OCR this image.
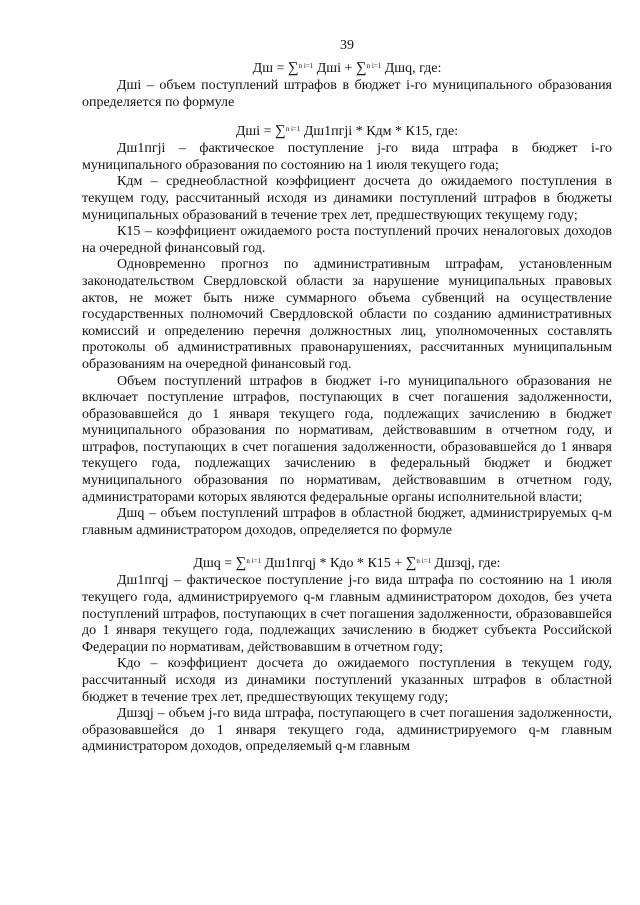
39
Дш = ∑$^{n i=1}$ Дшi + ∑$^{n i=1}$ Дшq, где:

Дшi – объем поступлений штрафов в бюджет i-го муниципального образования определяется по формуле

Дшi = ∑$^{n i=1}$ Дш1пгji * Кдм * К15, где:

Дш1пгji – фактическое поступление j-го вида штрафа в бюджет i-го муниципального образования по состоянию на 1 июля текущего года;

Кдм – среднеобластной коэффициент досчета до ожидаемого поступления в текущем году, рассчитанный исходя из динамики поступлений штрафов в бюджеты муниципальных образований в течение трех лет, предшествующих текущему году;

К15 – коэффициент ожидаемого роста поступлений прочих неналоговых доходов на очередной финансовый год.

Одновременно прогноз по административным штрафам, установленным законодательством Свердловской области за нарушение муниципальных правовых актов, не может быть ниже суммарного объема субвенций на осуществление государственных полномочий Свердловской области по созданию административных комиссий и определению перечня должностных лиц, уполномоченных составлять протоколы об административных правонарушениях, рассчитанных муниципальным образованиям на очередной финансовый год.

Объем поступлений штрафов в бюджет i-го муниципального образования не включает поступление штрафов, поступающих в счет погашения задолженности, образовавшейся до 1 января текущего года, подлежащих зачислению в бюджет муниципального образования по нормативам, действовавшим в отчетном году, и штрафов, поступающих в счет погашения задолженности, образовавшейся до 1 января текущего года, подлежащих зачислению в федеральный бюджет и бюджет муниципального образования по нормативам, действовавшим в отчетном году, администраторами которых являются федеральные органы исполнительной власти;

Дшq – объем поступлений штрафов в областной бюджет, администрируемых q-м главным администратором доходов, определяется по формуле

Дшq = ∑$^{n i=1}$ Дш1пгqj * Кдо * К15 + ∑$^{n i=1}$ Дшзqj, где:

Дш1пгqj – фактическое поступление j-го вида штрафа по состоянию на 1 июля текущего года, администрируемого q-м главным администратором доходов, без учета поступлений штрафов, поступающих в счет погашения задолженности, образовавшейся до 1 января текущего года, подлежащих зачислению в бюджет субъекта Российской Федерации по нормативам, действовавшим в отчетном году;

Кдо – коэффициент досчета до ожидаемого поступления в текущем году, рассчитанный исходя из динамики поступлений указанных штрафов в областной бюджет в течение трех лет, предшествующих текущему году;

Дшзqj – объем j-го вида штрафа, поступающего в счет погашения задолженности, образовавшейся до 1 января текущего года, администрируемого q-м главным администратором доходов, определяемый q-м главным
